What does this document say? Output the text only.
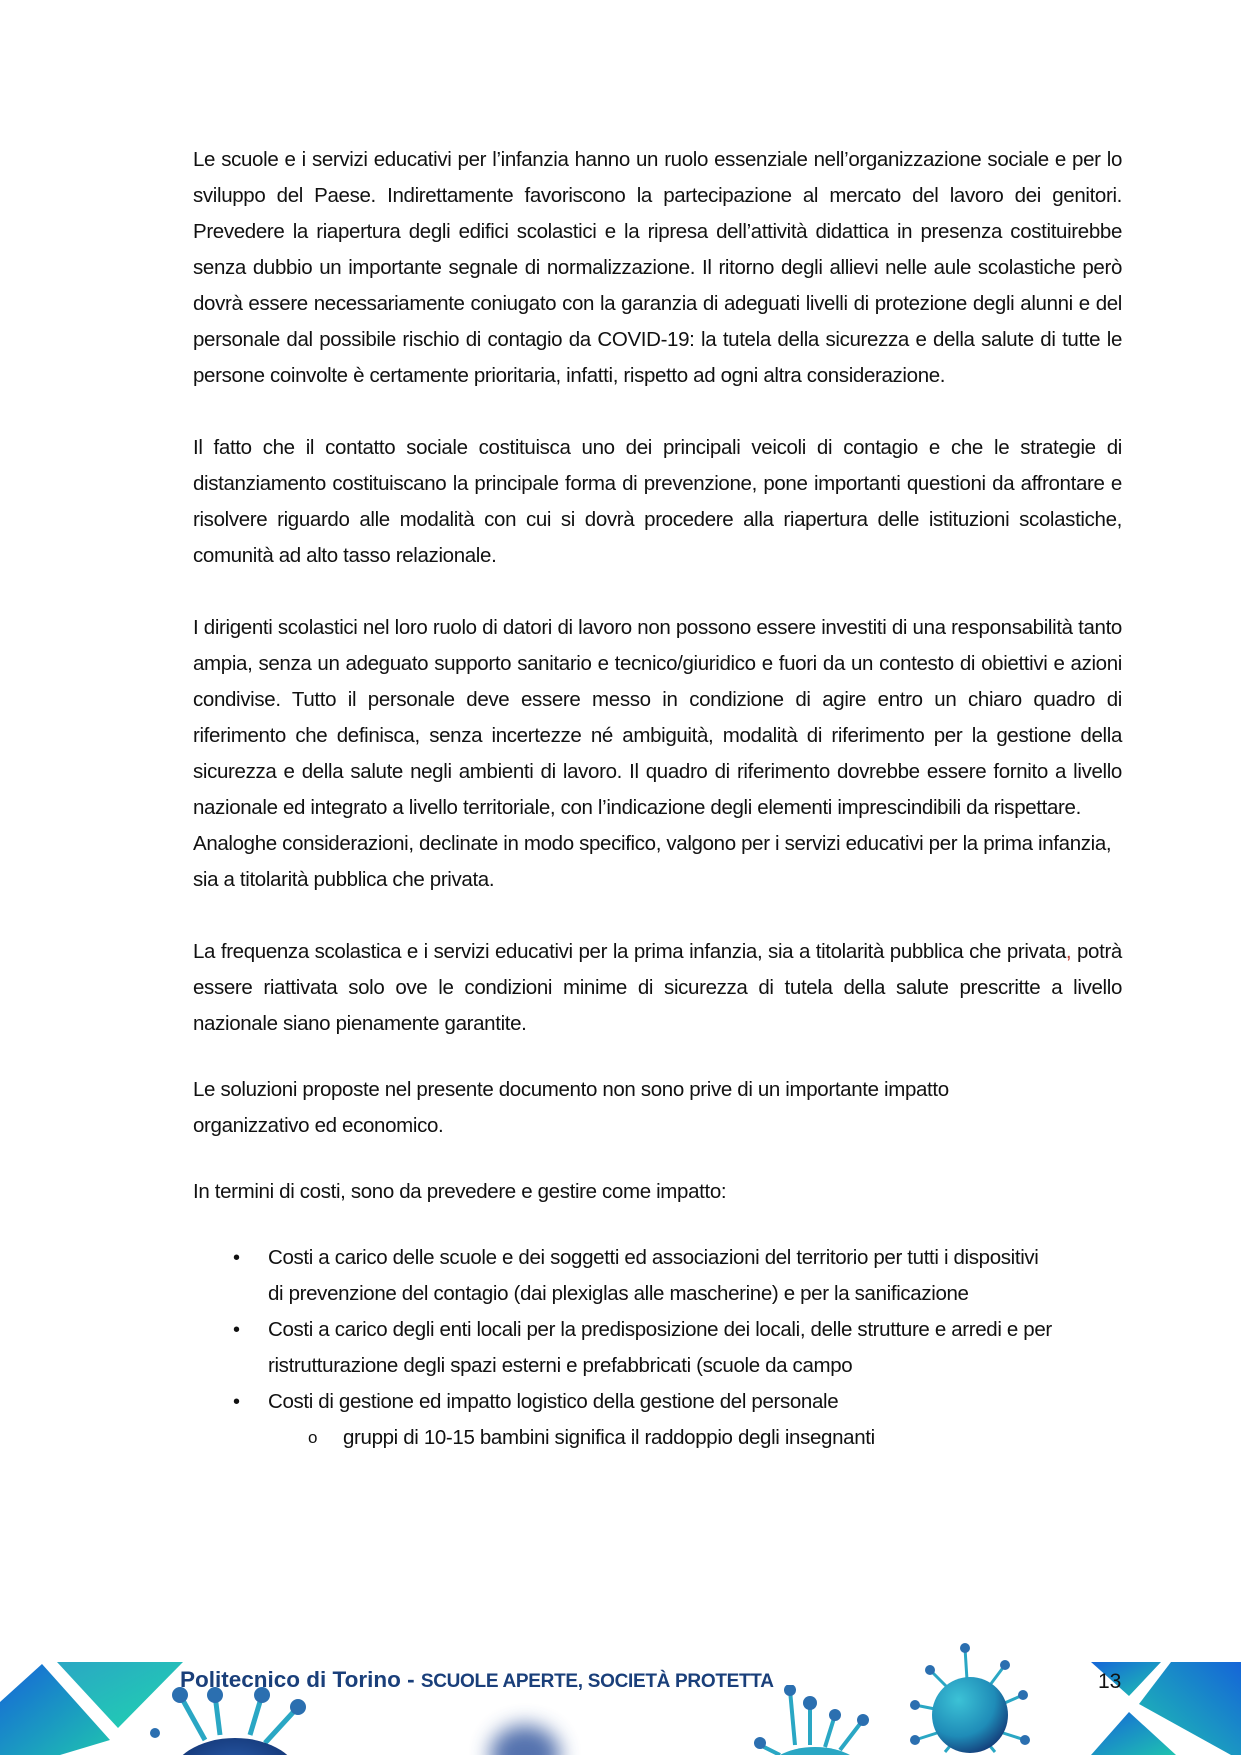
Le scuole e i servizi educativi per l’infanzia hanno un ruolo essenziale nell’organizzazione sociale e per lo sviluppo del Paese. Indirettamente favoriscono la partecipazione al mercato del lavoro dei genitori. Prevedere la riapertura degli edifici scolastici e la ripresa dell’attività didattica in presenza costituirebbe senza dubbio un importante segnale di normalizzazione. Il ritorno degli allievi nelle aule scolastiche però dovrà essere necessariamente coniugato con la garanzia di adeguati livelli di protezione degli alunni e del personale dal possibile rischio di contagio da COVID-19: la tutela della sicurezza e della salute di tutte le persone coinvolte è certamente prioritaria, infatti, rispetto ad ogni altra considerazione.

Il fatto che il contatto sociale costituisca uno dei principali veicoli di contagio e che le strategie di distanziamento costituiscano la principale forma di prevenzione, pone importanti questioni da affrontare e risolvere riguardo alle modalità con cui si dovrà procedere alla riapertura delle istituzioni scolastiche, comunità ad alto tasso relazionale.

I dirigenti scolastici nel loro ruolo di datori di lavoro non possono essere investiti di una responsabilità tanto ampia, senza un adeguato supporto sanitario e tecnico/giuridico e fuori da un contesto di obiettivi e azioni condivise. Tutto il personale deve essere messo in condizione di agire entro un chiaro quadro di riferimento che definisca, senza incertezze né ambiguità, modalità di riferimento per la gestione della sicurezza e della salute negli ambienti di lavoro. Il quadro di riferimento dovrebbe essere fornito a livello nazionale ed integrato a livello territoriale, con l’indicazione degli elementi imprescindibili da rispettare.

Analoghe considerazioni, declinate in modo specifico, valgono per i servizi educativi per la prima infanzia, sia a titolarità pubblica che privata.

La frequenza scolastica e i servizi educativi per la prima infanzia, sia a titolarità pubblica che privata, potrà essere riattivata solo ove le condizioni minime di sicurezza di tutela della salute prescritte a livello nazionale siano pienamente garantite.

Le soluzioni proposte nel presente documento non sono prive di un importante impatto organizzativo ed economico.

In termini di costi, sono da prevedere e gestire come impatto:

• Costi a carico delle scuole e dei soggetti ed associazioni del territorio per tutti i dispositivi di prevenzione del contagio (dai plexiglas alle mascherine) e per la sanificazione
• Costi a carico degli enti locali per la predisposizione dei locali, delle strutture e arredi e per ristrutturazione degli spazi esterni e prefabbricati (scuole da campo
• Costi di gestione ed impatto logistico della gestione del personale
o gruppi di 10-15 bambini significa il raddoppio degli insegnanti
Politecnico di Torino - SCUOLE APERTE, SOCIETÀ PROTETTA	13
